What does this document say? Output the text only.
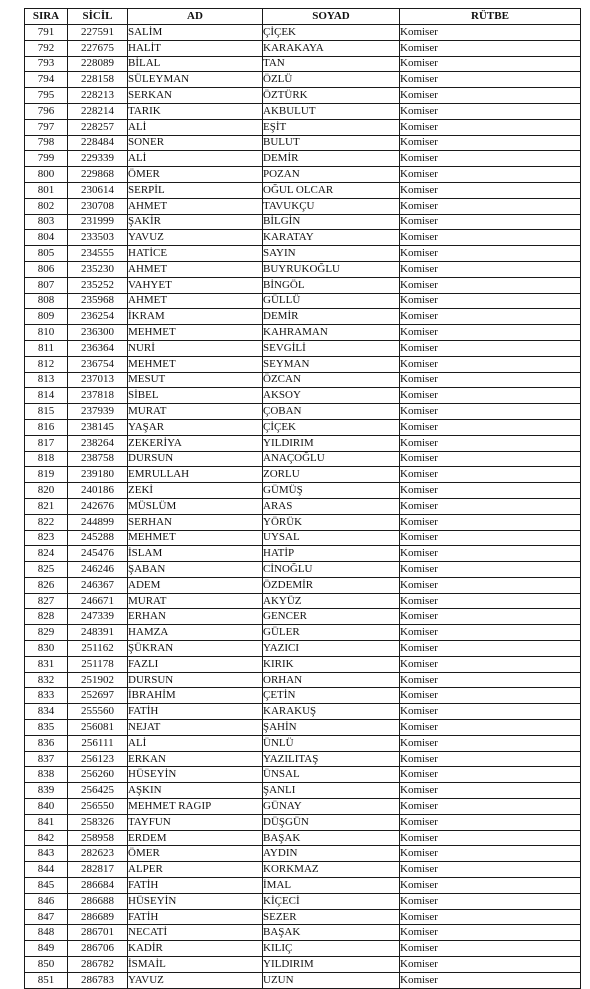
SIRA	SİCİL	AD	SOYAD	RÜTBE
791	227591	SALİM	ÇİÇEK	Komiser
792	227675	HALİT	KARAKAYA	Komiser
793	228089	BİLAL	TAN	Komiser
794	228158	SÜLEYMAN	ÖZLÜ	Komiser
795	228213	SERKAN	ÖZTÜRK	Komiser
796	228214	TARIK	AKBULUT	Komiser
797	228257	ALİ	EŞİT	Komiser
798	228484	SONER	BULUT	Komiser
799	229339	ALİ	DEMİR	Komiser
800	229868	ÖMER	POZAN	Komiser
801	230614	SERPİL	OĞUL OLCAR	Komiser
802	230708	AHMET	TAVUKÇU	Komiser
803	231999	ŞAKİR	BİLGİN	Komiser
804	233503	YAVUZ	KARATAY	Komiser
805	234555	HATİCE	SAYIN	Komiser
806	235230	AHMET	BUYRUKOĞLU	Komiser
807	235252	VAHYET	BİNGÖL	Komiser
808	235968	AHMET	GÜLLÜ	Komiser
809	236254	İKRAM	DEMİR	Komiser
810	236300	MEHMET	KAHRAMAN	Komiser
811	236364	NURİ	SEVGİLİ	Komiser
812	236754	MEHMET	SEYMAN	Komiser
813	237013	MESUT	ÖZCAN	Komiser
814	237818	SİBEL	AKSOY	Komiser
815	237939	MURAT	ÇOBAN	Komiser
816	238145	YAŞAR	ÇİÇEK	Komiser
817	238264	ZEKERİYA	YILDIRIM	Komiser
818	238758	DURSUN	ANAÇOĞLU	Komiser
819	239180	EMRULLAH	ZORLU	Komiser
820	240186	ZEKİ	GÜMÜŞ	Komiser
821	242676	MÜSLÜM	ARAS	Komiser
822	244899	SERHAN	YÖRÜK	Komiser
823	245288	MEHMET	UYSAL	Komiser
824	245476	İSLAM	HATİP	Komiser
825	246246	ŞABAN	CİNOĞLU	Komiser
826	246367	ADEM	ÖZDEMİR	Komiser
827	246671	MURAT	AKYÜZ	Komiser
828	247339	ERHAN	GENCER	Komiser
829	248391	HAMZA	GÜLER	Komiser
830	251162	ŞÜKRAN	YAZICI	Komiser
831	251178	FAZLI	KIRIK	Komiser
832	251902	DURSUN	ORHAN	Komiser
833	252697	İBRAHİM	ÇETİN	Komiser
834	255560	FATİH	KARAKUŞ	Komiser
835	256081	NEJAT	ŞAHİN	Komiser
836	256111	ALİ	ÜNLÜ	Komiser
837	256123	ERKAN	YAZILITAŞ	Komiser
838	256260	HÜSEYİN	ÜNSAL	Komiser
839	256425	AŞKIN	ŞANLI	Komiser
840	256550	MEHMET RAGIP	GÜNAY	Komiser
841	258326	TAYFUN	DÜŞGÜN	Komiser
842	258958	ERDEM	BAŞAK	Komiser
843	282623	ÖMER	AYDIN	Komiser
844	282817	ALPER	KORKMAZ	Komiser
845	286684	FATİH	İMAL	Komiser
846	286688	HÜSEYİN	KİÇECİ	Komiser
847	286689	FATİH	SEZER	Komiser
848	286701	NECATİ	BAŞAK	Komiser
849	286706	KADİR	KILIÇ	Komiser
850	286782	İSMAİL	YILDIRIM	Komiser
851	286783	YAVUZ	UZUN	Komiser
